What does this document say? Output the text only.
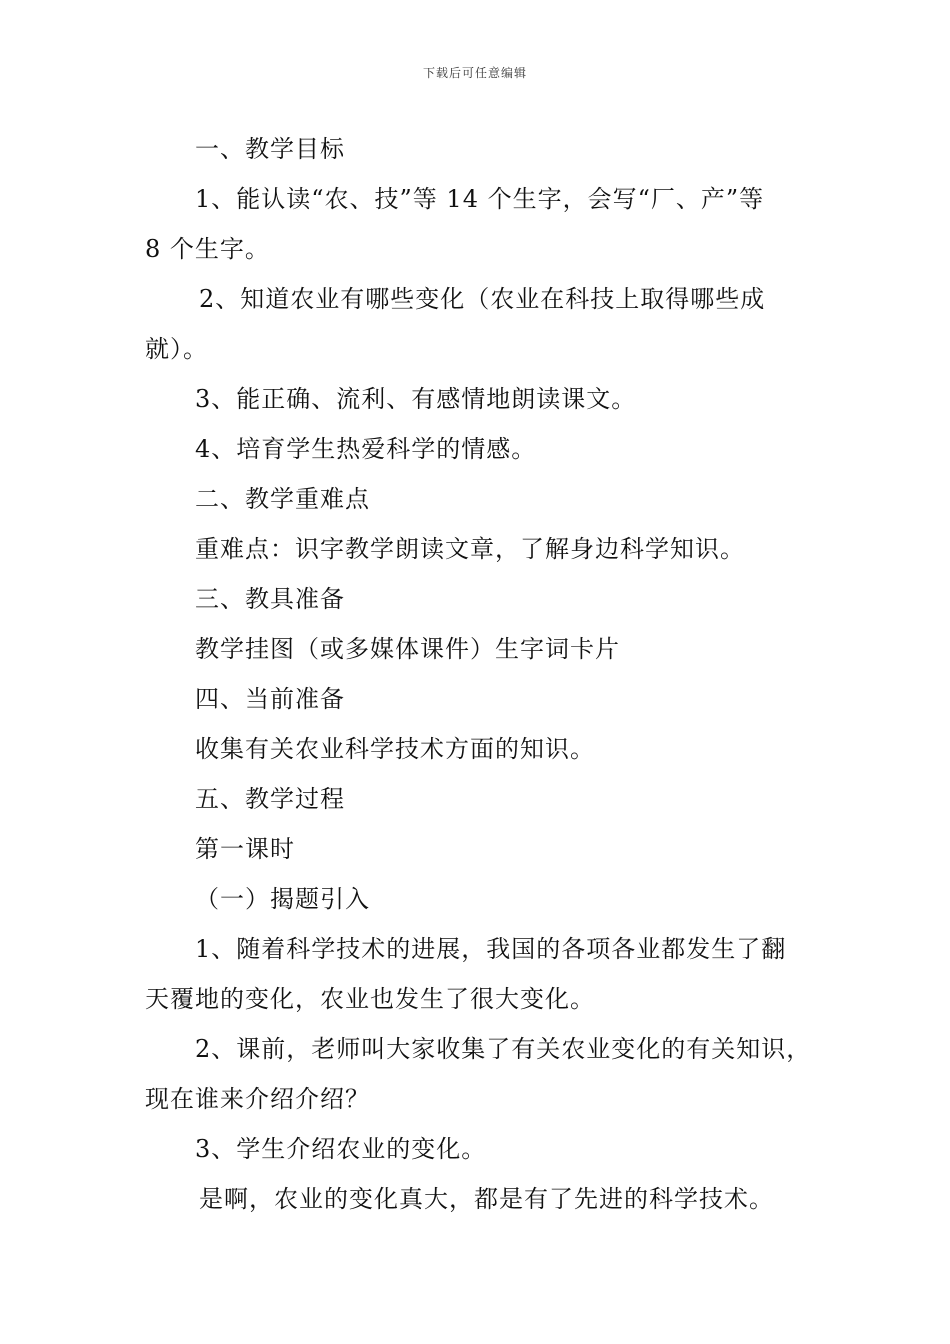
下载后可任意编辑
一、教学目标
1、能认读“农、技”等 14 个生字，会写“厂、产”等
8 个生字。
2、知道农业有哪些变化（农业在科技上取得哪些成
就）。
3、能正确、流利、有感情地朗读课文。
4、培育学生热爱科学的情感。
二、教学重难点
重难点：识字教学朗读文章，了解身边科学知识。
三、教具准备
教学挂图（或多媒体课件）生字词卡片
四、当前准备
收集有关农业科学技术方面的知识。
五、教学过程
第一课时
（一）揭题引入
1、随着科学技术的进展，我国的各项各业都发生了翻
天覆地的变化，农业也发生了很大变化。
2、课前，老师叫大家收集了有关农业变化的有关知识，
现在谁来介绍介绍？
3、学生介绍农业的变化。
是啊，农业的变化真大，都是有了先进的科学技术。
